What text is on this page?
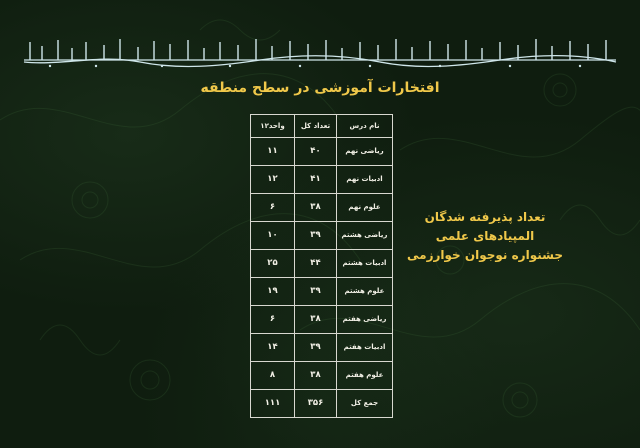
افتخارات آموزشی در سطح منطقه
نام درس	تعداد کل	واحد۱۲
ریاضی نهم	۴۰	۱۱
ادبیات نهم	۴۱	۱۲
علوم نهم	۳۸	۶
ریاضی هشتم	۳۹	۱۰
ادبیات هشتم	۴۴	۲۵
علوم هشتم	۳۹	۱۹
ریاضی هفتم	۳۸	۶
ادبیات هفتم	۳۹	۱۴
علوم هفتم	۳۸	۸
جمع کل	۳۵۶	۱۱۱
تعداد پذیرفته شدگان
المپیادهای علمی
جشنواره نوجوان خوارزمی
